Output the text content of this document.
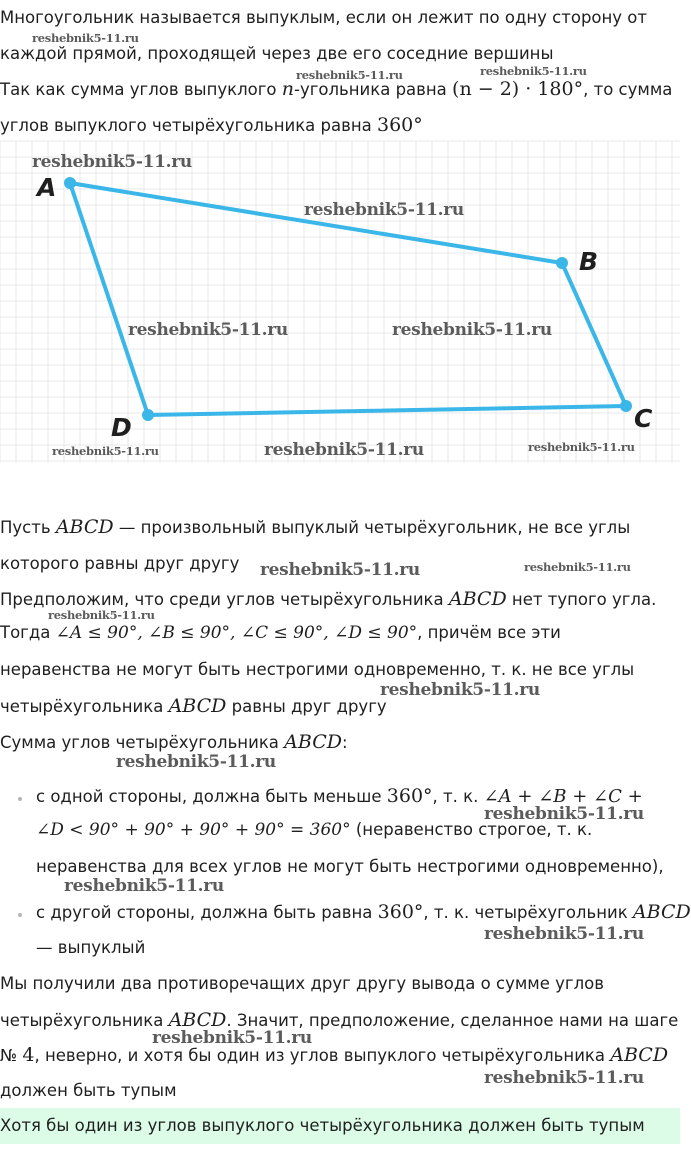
Многоугольник называется выпуклым, если он лежит по одну сторону от
каждой прямой, проходящей через две его соседние вершины
Так как сумма углов выпуклого n-угольника равна (n − 2) · 180°, то сумма
углов выпуклого четырёхугольника равна 360°
A
B
C
D
Пусть ABCD — произвольный выпуклый четырёхугольник, не все углы
которого равны друг другу
Предположим, что среди углов четырёхугольника ABCD нет тупого угла.
Тогда ∠A ≤ 90°, ∠B ≤ 90°, ∠C ≤ 90°, ∠D ≤ 90°, причём все эти
неравенства не могут быть нестрогими одновременно, т. к. не все углы
четырёхугольника ABCD равны друг другу
Сумма углов четырёхугольника ABCD:
с одной стороны, должна быть меньше 360°, т. к. ∠A + ∠B + ∠C +
∠D < 90° + 90° + 90° + 90° = 360° (неравенство строгое, т. к.
неравенства для всех углов не могут быть нестрогими одновременно),
с другой стороны, должна быть равна 360°, т. к. четырёхугольник ABCD
— выпуклый
Мы получили два противоречащих друг другу вывода о сумме углов
четырёхугольника ABCD. Значит, предположение, сделанное нами на шаге
№ 4, неверно, и хотя бы один из углов выпуклого четырёхугольника ABCD
должен быть тупым
Хотя бы один из углов выпуклого четырёхугольника должен быть тупым
reshebnik5-11.ru
reshebnik5-11.ru	reshebnik5-11.ru
reshebnik5-11.ru
reshebnik5-11.ru
reshebnik5-11.ru	reshebnik5-11.ru
reshebnik5-11.ru	reshebnik5-11.ru	reshebnik5-11.ru
reshebnik5-11.ru	reshebnik5-11.ru
reshebnik5-11.ru
reshebnik5-11.ru
reshebnik5-11.ru
reshebnik5-11.ru
reshebnik5-11.ru
reshebnik5-11.ru
reshebnik5-11.ru
reshebnik5-11.ru
